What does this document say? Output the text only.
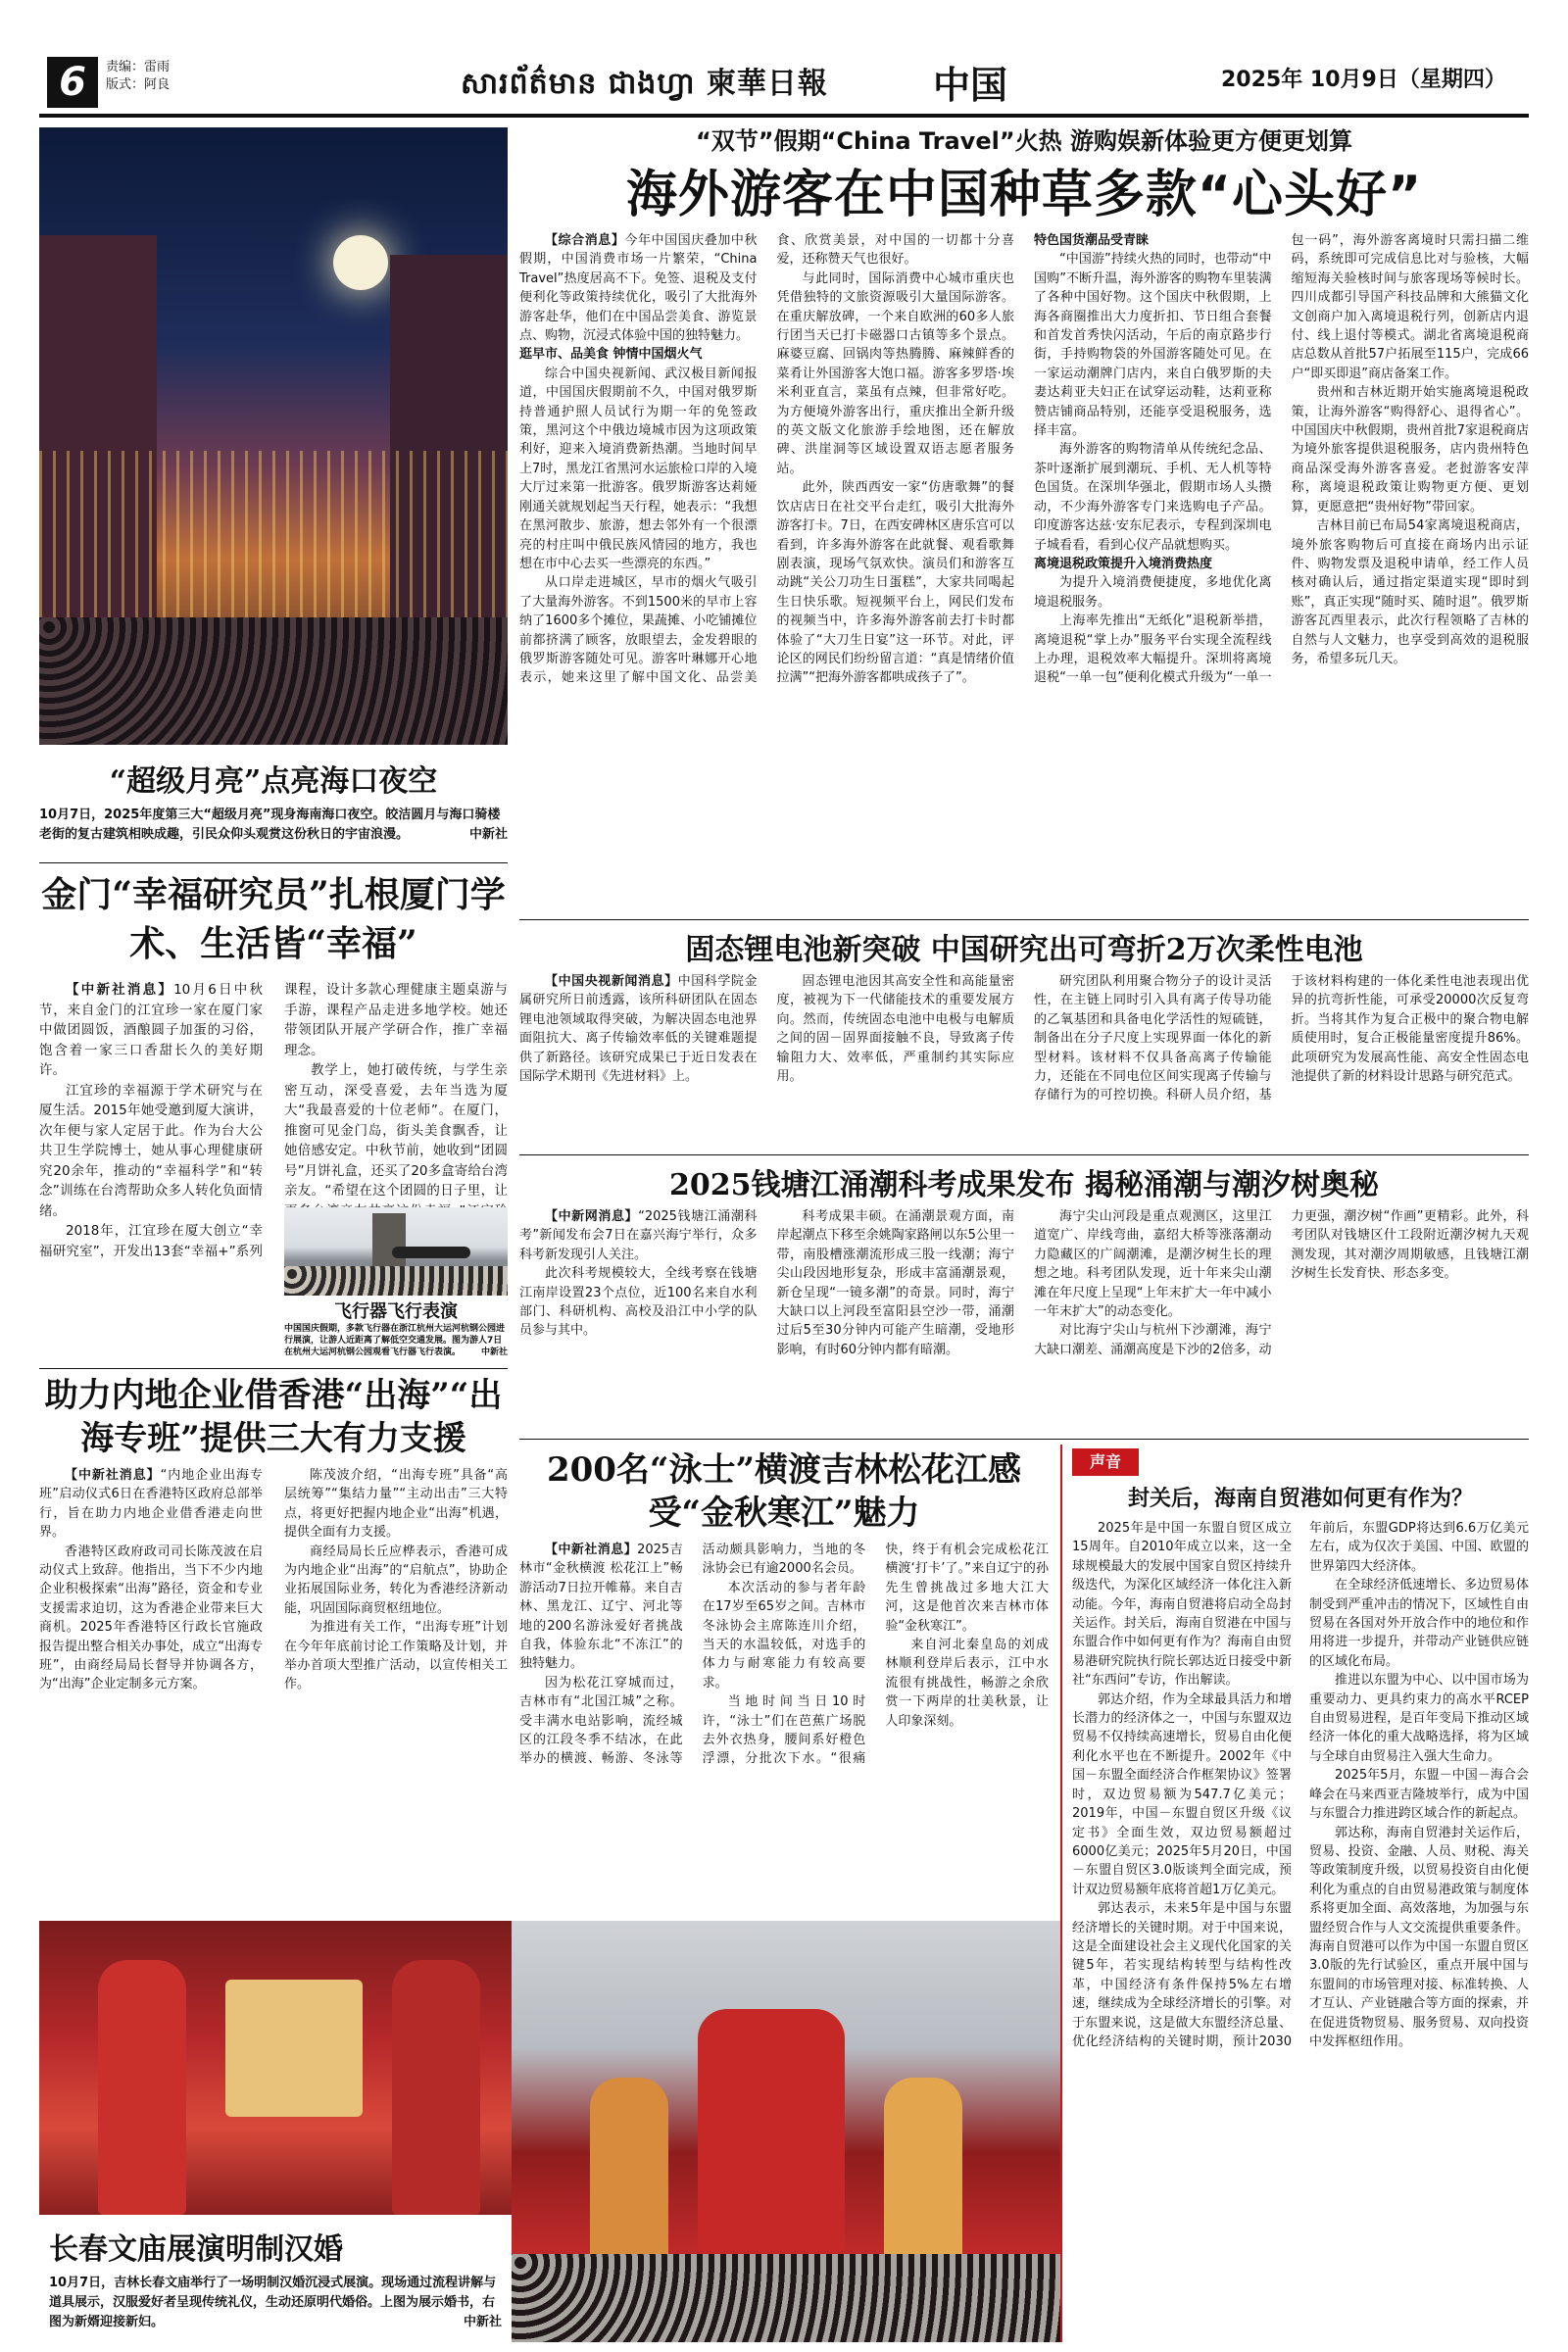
6	责编：雷雨
版式：阿良	សារព័ត៌មាន ជាងហ្វា 柬華日報	中国	2025年 10月9日（星期四）
“超级月亮”点亮海口夜空
10月7日，2025年度第三大“超级月亮”现身海南海口夜空。皎洁圆月与海口骑楼老街的复古建筑相映成趣，引民众仰头观赏这份秋日的宇宙浪漫。	中新社
金门“幸福研究员”扎根厦门学术、生活皆“幸福”

【中新社消息】10月6日中秋节，来自金门的江宜珍一家在厦门家中做团圆饭，酒酿圆子加蛋的习俗，饱含着一家三口香甜长久的美好期许。

江宜珍的幸福源于学术研究与在厦生活。2015年她受邀到厦大演讲，次年便与家人定居于此。作为台大公共卫生学院博士，她从事心理健康研究20余年，推动的“幸福科学”和“转念”训练在台湾帮助众多人转化负面情绪。

2018年，江宜珍在厦大创立“幸福研究室”，开发出13套“幸福+”系列课程，设计多款心理健康主题桌游与手游，课程产品走进多地学校。她还带领团队开展产学研合作，推广幸福理念。

教学上，她打破传统，与学生亲密互动，深受喜爱，去年当选为厦大“我最喜爱的十位老师”。在厦门，推窗可见金门岛，街头美食飘香，让她倍感安定。中秋节前，她收到“团圆号”月饼礼盒，还买了20多盒寄给台湾亲友。“希望在这个团圆的日子里，让

“双节”假期“China Travel”火热 游购娱新体验更方便更划算
海外游客在中国种草多款“心头好”

【综合消息】今年中国国庆叠加中秋假期，中国消费市场一片繁荣，“China Travel”热度居高不下。免签、退税及支付便利化等政策持续优化，吸引了大批海外游客赴华，他们在中国品尝美食、游览景点、购物，沉浸式体验中国的独特魅力。

逛早市、品美食 钟情中国烟火气

综合中国央视新闻、武汉极目新闻报道，中国国庆假期前不久，中国对俄罗斯持普通护照人员试行为期一年的免签政策，黑河这个中俄边境城市因为这项政策利好，迎来入境消费新热潮。当地时间早上7时，黑龙江省黑河水运旅检口岸的入境大厅过来第一批游客。俄罗斯游客达莉娅刚通关就规划起当天行程，她表示：“我想在黑河散步、旅游，想去邻外有一个很漂亮的村庄叫中俄民族风情园的地方，我也想在市中心去买一些漂亮的东西。”

从口岸走进城区，早市的烟火气吸引了大量海外游客。不到1500米的早市上容纳了1600多个摊位，果蔬摊、小吃铺摊位前都挤满了顾客，放眼望去，金发碧眼的俄罗斯游客随处可见。游客叶琳娜开心地表示，她来这里了解中国文化、品尝美食、欣赏美景，对中国的一切都十分喜爱，还称赞天气也很好。

与此同时，国际消费中心城市重庆也凭借独特的文旅资源吸引大量国际游客。在重庆解放碑，一个来自欧洲的60多人旅行团当天已打卡磁器口古镇等多个景点。麻婆豆腐、回锅肉等热腾腾、麻辣鲜香的菜肴让外国游客大饱口福。游客多罗塔·埃米利亚直言，菜虽有点辣，但非常好吃。为方便境外游客出行，重庆推出全新升级的英文版文化旅游手绘地图，还在解放碑、洪崖洞等区域设置双语志愿者服务站。

此外，陕西西安一家“仿唐歌舞”的餐饮店店日在社交平台走红，吸引大批海外游客打卡。7日，在西安碑林区唐乐宫可以看到，许多海外游客在此就餐、观看歌舞剧表演，现场气氛欢快。演员们和游客互动跳“关公刀功生日蛋糕”，大家共同喝起生日快乐歌。短视频平台上，网民们发布的视频当中，许多海外游客前去打卡时都体验了“大刀生日宴”这一环节。对此，评论区的网民们纷纷留言道：“真是情绪价值拉满”“把海外游客都哄成孩子了”。

特色国货潮品受青睐

“中国游”持续火热的同时，也带动“中国购”不断升温，海外游客的购物车里装满了各种中国好物。这个国庆中秋假期，上海各商圈推出大力度折扣、节日组合套餐和首发首秀快闪活动，午后的南京路步行街，手持购物袋的外国游客随处可见。在一家运动潮牌门店内，来自白俄罗斯的夫妻达莉亚夫妇正在试穿运动鞋，达莉亚称赞店铺商品特别，还能享受退税服务，选择丰富。

海外游客的购物清单从传统纪念品、茶叶逐渐扩展到潮玩、手机、无人机等特色国货。在深圳华强北，假期市场人头攒动，不少海外游客专门来选购电子产品。印度游客达兹·安东尼表示，专程到深圳电子城看看，看到心仪产品就想购买。

离境退税政策提升入境消费热度

为提升入境消费便捷度，多地优化离境退税服务。

上海率先推出“无纸化”退税新举措，离境退税“掌上办”服务平台实现全流程线上办理，退税效率大幅提升。深圳将离境退税“一单一包”便利化模式升级为“一单一包一码”，海外游客离境时只需扫描二维码，系统即可完成信息比对与验核，大幅缩短海关验核时间与旅客现场等候时长。四川成都引导国产科技品牌和大熊猫文化文创商户加入离境退税行列，创新店内退付、线上退付等模式。湖北省离境退税商店总数从首批57户拓展至115户，完成66户“即买即退”商店备案工作。

贵州和吉林近期开始实施离境退税政策，让海外游客“购得舒心、退得省心”。中国国庆中秋假期，贵州首批7家退税商店为境外旅客提供退税服务，店内贵州特色商品深受海外游客喜爱。老挝游客安萍称，离境退税政策让购物更方便、更划算，更愿意把“贵州好物”带回家。

吉林目前已布局54家离境退税商店，境外旅客购物后可直接在商场内出示证件、购物发票及退税申请单，经工作人员核对确认后，通过指定渠道实现“即时到账”，真正实现“随时买、随时退”。俄罗斯游客瓦西里表示，此次行程领略了吉林的自然与人文魅力，也享受到高效的退税服务，希望多玩几天。

固态锂电池新突破 中国研究出可弯折2万次柔性电池

【中国央视新闻消息】中国科学院金属研究所日前透露，该所科研团队在固态锂电池领域取得突破，为解决固态电池界面阻抗大、离子传输效率低的关键难题提供了新路径。该研究成果已于近日发表在国际学术期刊《先进材料》上。

固态锂电池因其高安全性和高能量密度，被视为下一代储能技术的重要发展方向。然而，传统固态电池中电极与电解质之间的固－固界面接触不良，导致离子传输阻力大、效率低，严重制约其实际应用。

研究团队利用聚合物分子的设计灵活性，在主链上同时引入具有离子传导功能的乙氧基团和具备电化学活性的短硫链，制备出在分子尺度上实现界面一体化的新型材料。该材料不仅具备高离子传输能力，还能在不同电位区间实现离子传输与存储行为的可控切换。科研人员介绍，基于该材料构建的一体化柔性电池表现出优异的抗弯折性能，可承受20000次反复弯折。当将其作为复合正极中的聚合物电解质使用时，复合正极能量密度提升86%。此项研究为发展高性能、高安全性固态电池提供了新的材料设计思路与研究范式。

2025钱塘江涌潮科考成果发布 揭秘涌潮与潮汐树奥秘

【中新网消息】“2025钱塘江涌潮科考”新闻发布会7日在嘉兴海宁举行，众多科考新发现引人关注。

此次科考规模较大，全线考察在钱塘江南岸设置23个点位，近100名来自水利部门、科研机构、高校及沿江中小学的队员参与其中。

科考成果丰硕。在涌潮景观方面，南岸起潮点下移至余姚陶家路闸以东5公里一带，南股槽涨潮流形成三股一线潮；海宁尖山段因地形复杂，形成丰富涌潮景观，新仓呈现“一镜多潮”的奇景。同时，海宁大缺口以上河段至富阳县空沙一带，涌潮过后5至30分钟内可能产生暗潮，受地形影响，有时60分钟内都有暗潮。

海宁尖山河段是重点观测区，这里江道宽广、岸线弯曲，嘉绍大桥等涨落潮动力隐藏区的广阔潮滩，是潮汐树生长的理想之地。科考团队发现，近十年来尖山潮滩在年尺度上呈现“上年末扩大一年中减小一年末扩大”的动态变化。

对比海宁尖山与杭州下沙潮滩，海宁大缺口潮差、涌潮高度是下沙的2倍多，动力更强，潮汐树“作画”更精彩。此外，科考团队对钱塘区什工段附近潮汐树九天观测发现，其对潮汐周期敏感，且钱塘江潮汐树生长发育快、形态多变。

200名“泳士”横渡吉林松花江感受“金秋寒江”魅力

【中新社消息】2025吉林市“金秋横渡 松花江上”畅游活动7日拉开帷幕。来自吉林、黑龙江、辽宁、河北等地的200名游泳爱好者挑战自我，体验东北“不冻江”的独特魅力。

因为松花江穿城而过，吉林市有“北国江城”之称。受丰满水电站影响，流经城区的江段冬季不结冰，在此举办的横渡、畅游、冬泳等活动颇具影响力，当地的冬泳协会已有逾2000名会员。

本次活动的参与者年龄在17岁至65岁之间。吉林市冬泳协会主席陈连川介绍，当天的水温较低，对选手的体力与耐寒能力有较高要求。

当地时间当日10时许，“泳士”们在芭蕉广场脱去外衣热身，腰间系好橙色浮漂，分批次下水。“很痛快，终于有机会完成松花江横渡‘打卡’了。”来自辽宁的孙先生曾挑战过多地大江大河，这是他首次来吉林市体验“金秋寒江”。

来自河北秦皇岛的刘成林顺利登岸后表示，江中水流很有挑战性，畅游之余欣赏一下两岸的壮美秋景，让人印象深刻。

声音
封关后，海南自贸港如何更有作为？

2025年是中国一东盟自贸区成立15周年。自2010年成立以来，这一全球规模最大的发展中国家自贸区持续升级迭代，为深化区域经济一体化注入新动能。今年，海南自贸港将启动全岛封关运作。封关后，海南自贸港在中国与东盟合作中如何更有作为？海南自由贸易港研究院执行院长郭达近日接受中新社“东西问”专访，作出解读。

郭达介绍，作为全球最具活力和增长潜力的经济体之一，中国与东盟双边贸易不仅持续高速增长，贸易自由化便利化水平也在不断提升。2002年《中国－东盟全面经济合作框架协议》签署时，双边贸易额为547.7亿美元；2019年，中国－东盟自贸区升级《议定书》全面生效，双边贸易额超过6000亿美元；2025年5月20日，中国－东盟自贸区3.0版谈判全面完成，预计双边贸易额年底将首超1万亿美元。

郭达表示，未来5年是中国与东盟经济增长的关键时期。对于中国来说，这是全面建设社会主义现代化国家的关键5年，若实现结构转型与结构性改革，中国经济有条件保持5%左右增速，继续成为全球经济增长的引擎。对于东盟来说，这是做大东盟经济总量、优化经济结构的关键时期，预计2030年前后，东盟GDP将达到6.6万亿美元左右，成为仅次于美国、中国、欧盟的世界第四大经济体。

在全球经济低速增长、多边贸易体制受到严重冲击的情况下，区域性自由贸易在各国对外开放合作中的地位和作用将进一步提升，并带动产业链供应链的区域化布局。

推进以东盟为中心、以中国市场为重要动力、更具约束力的高水平RCEP自由贸易进程，是百年变局下推动区域经济一体化的重大战略选择，将为区域与全球自由贸易注入强大生命力。

2025年5月，东盟－中国－海合会峰会在马来西亚吉隆坡举行，成为中国与东盟合力推进跨区域合作的新起点。

郭达称，海南自贸港封关运作后，贸易、投资、金融、人员、财税、海关等政策制度升级，以贸易投资自由化便利化为重点的自由贸易港政策与制度体系将更加全面、高效落地，为加强与东盟经贸合作与人文交流提供重要条件。海南自贸港可以作为中国一东盟自贸区3.0版的先行试验区，重点开展中国与东盟间的市场管理对接、标准转换、人才互认、产业链融合等方面的探索，并在促进货物贸易、服务贸易、双向投资中发挥枢纽作用。

助力内地企业借香港“出海”“出海专班”提供三大有力支援

【中新社消息】“内地企业出海专班”启动仪式6日在香港特区政府总部举行，旨在助力内地企业借香港走向世界。

香港特区政府政司司长陈茂波在启动仪式上致辞。他指出，当下不少内地企业积极探索“出海”路径，资金和专业支援需求迫切，这为香港企业带来巨大商机。2025年香港特区行政长官施政报告提出整合相关办事处，成立“出海专班”，由商经局局长督导并协调各方，为“出海”企业定制多元方案。

陈茂波介绍，“出海专班”具备“高层统筹”“集结力量”“主动出击”三大特点，将更好把握内地企业“出海”机遇，提供全面有力支援。

商经局局长丘应桦表示，香港可成为内地企业“出海”的“启航点”，协助企业拓展国际业务，转化为香港经济新动能，巩固国际商贸枢纽地位。

为推进有关工作，“出海专班”计划在今年年底前讨论工作策略及计划，并举办首项大型推广活动，以宣传相关工作。

长春文庙展演明制汉婚
10月7日，吉林长春文庙举行了一场明制汉婚沉浸式展演。现场通过流程讲解与道具展示，汉服爱好者呈现传统礼仪，生动还原明代婚俗。上图为展示婚书，右图为新婿迎接新妇。	中新社
飞行器飞行表演
中国国庆假期，多款飞行器在浙江杭州大运河杭钢公园进行展演，让游人近距离了解低空交通发展。图为游人7日在杭州大运河杭钢公园观看飞行器飞行表演。 中新社
